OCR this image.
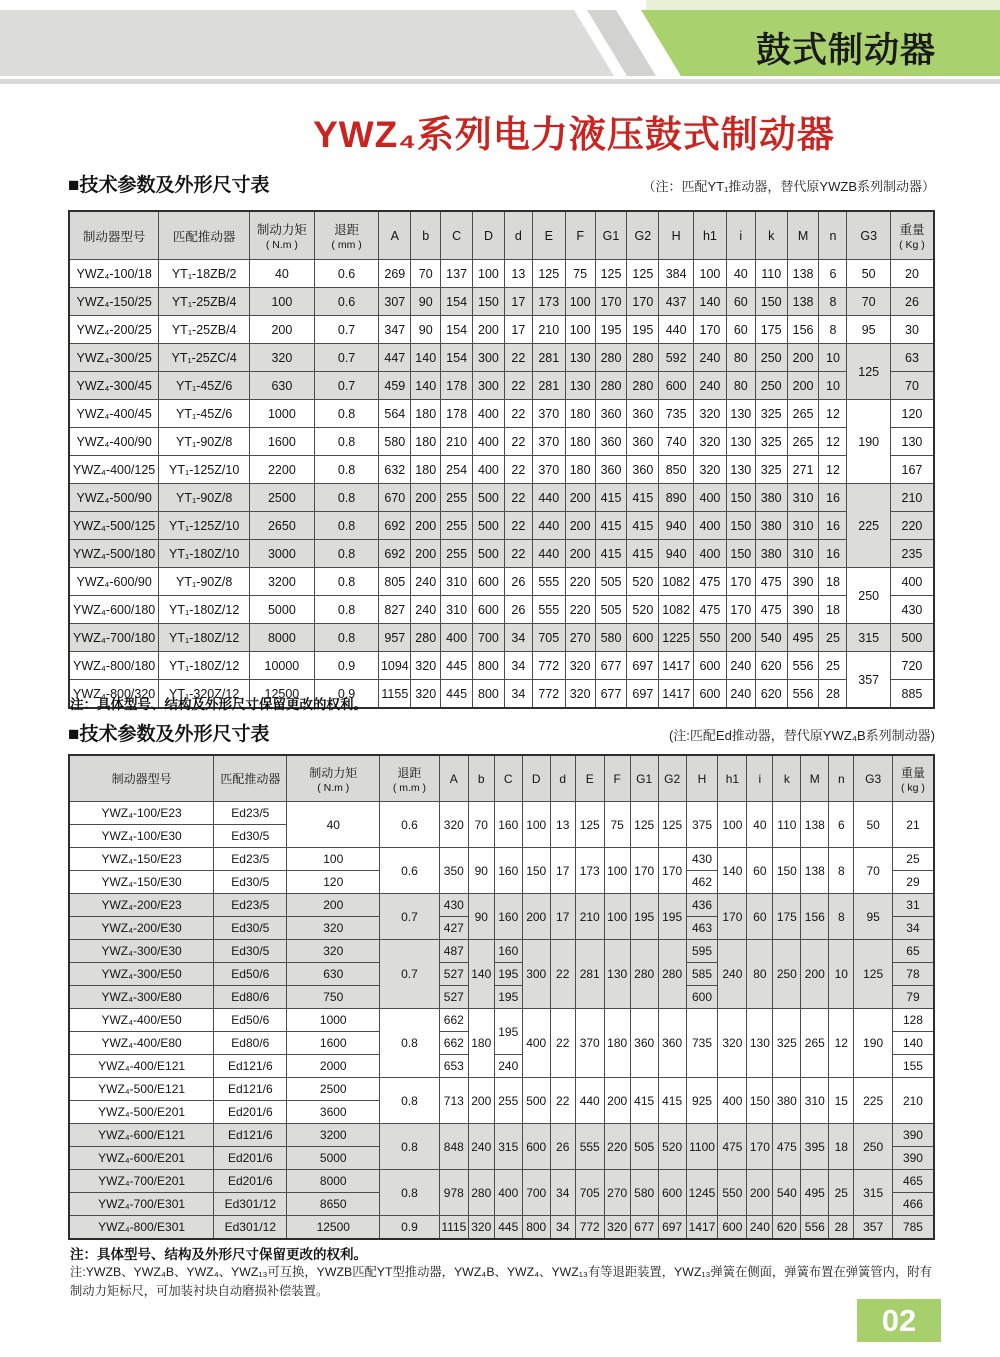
鼓式制动器
YWZ₄系列电力液压鼓式制动器
■技术参数及外形尺寸表	（注：匹配YT₁推动器，替代原YWZB系列制动器）
制动器型号	匹配推动器	制动力矩
( N.m )

退距
( mm )

A	b	C	D	d	E	F	G1	G2	H	h1	i	k	M	n	G3	重量
( Kg )

YWZ₄-100/18	YT₁-18ZB/2	40	0.6	269	70	137	100	13	125	75	125	125	384	100	40	110	138	6	50	20
YWZ₄-150/25	YT₁-25ZB/4	100	0.6	307	90	154	150	17	173	100	170	170	437	140	60	150	138	8	70	26
YWZ₄-200/25	YT₁-25ZB/4	200	0.7	347	90	154	200	17	210	100	195	195	440	170	60	175	156	8	95	30
YWZ₄-300/25	YT₁-25ZC/4	320	0.7	447	140	154	300	22	281	130	280	280	592	240	80	250	200	10	125	63
YWZ₄-300/45	YT₁-45Z/6	630	0.7	459	140	178	300	22	281	130	280	280	600	240	80	250	200	10		70
YWZ₄-400/45	YT₁-45Z/6	1000	0.8	564	180	178	400	22	370	180	360	360	735	320	130	325	265	12	190	120
YWZ₄-400/90	YT₁-90Z/8	1600	0.8	580	180	210	400	22	370	180	360	360	740	320	130	325	265	12		130
YWZ₄-400/125	YT₁-125Z/10	2200	0.8	632	180	254	400	22	370	180	360	360	850	320	130	325	271	12		167
YWZ₄-500/90	YT₁-90Z/8	2500	0.8	670	200	255	500	22	440	200	415	415	890	400	150	380	310	16	225	210
YWZ₄-500/125	YT₁-125Z/10	2650	0.8	692	200	255	500	22	440	200	415	415	940	400	150	380	310	16		220
YWZ₄-500/180	YT₁-180Z/10	3000	0.8	692	200	255	500	22	440	200	415	415	940	400	150	380	310	16		235
YWZ₄-600/90	YT₁-90Z/8	3200	0.8	805	240	310	600	26	555	220	505	520	1082	475	170	475	390	18	250	400
YWZ₄-600/180	YT₁-180Z/12	5000	0.8	827	240	310	600	26	555	220	505	520	1082	475	170	475	390	18		430
YWZ₄-700/180	YT₁-180Z/12	8000	0.8	957	280	400	700	34	705	270	580	600	1225	550	200	540	495	25	315	500
YWZ₄-800/180	YT₁-180Z/12	10000	0.9	1094	320	445	800	34	772	320	677	697	1417	600	240	620	556	25	357	720
YWZ₄-800/320	YT₁-320Z/12	12500	0.9	1155	320	445	800	34	772	320	677	697	1417	600	240	620	556	28		885
注：具体型号、结构及外形尺寸保留更改的权利。
■技术参数及外形尺寸表	(注:匹配Ed推动器，替代原YWZ₄B系列制动器)
制动器型号	匹配推动器	制动力矩
( N.m )

退距
( m.m )

A	b	C	D	d	E	F	G1	G2	H	h1	i	k	M	n	G3	重量
( kg )

YWZ₄-100/E23	Ed23/5	40	0.6	320	70	160	100	13	125	75	125	125	375	100	40	110	138	6	50	21
YWZ₄-100/E30	Ed30/5																			
YWZ₄-150/E23	Ed23/5	100	0.6	350	90	160	150	17	173	100	170	170	430	140	60	150	138	8	70	25
YWZ₄-150/E30	Ed30/5	120											462							29
YWZ₄-200/E23	Ed23/5	200	0.7	430	90	160	200	17	210	100	195	195	436	170	60	175	156	8	95	31
YWZ₄-200/E30	Ed30/5	320		427									463							34
YWZ₄-300/E30	Ed30/5	320	0.7	487	140	160	300	22	281	130	280	280	595	240	80	250	200	10	125	65
YWZ₄-300/E50	Ed50/6	630		527		195							585							78
YWZ₄-300/E80	Ed80/6	750		527		195							600							79
YWZ₄-400/E50	Ed50/6	1000	0.8	662	180	195	400	22	370	180	360	360	735	320	130	325	265	12	190	128
YWZ₄-400/E80	Ed80/6	1600		662																140
YWZ₄-400/E121	Ed121/6	2000		653		240														155
YWZ₄-500/E121	Ed121/6	2500	0.8	713	200	255	500	22	440	200	415	415	925	400	150	380	310	15	225	210
YWZ₄-500/E201	Ed201/6	3600																		
YWZ₄-600/E121	Ed121/6	3200	0.8	848	240	315	600	26	555	220	505	520	1100	475	170	475	395	18	250	390
YWZ₄-600/E201	Ed201/6	5000																		390
YWZ₄-700/E201	Ed201/6	8000	0.8	978	280	400	700	34	705	270	580	600	1245	550	200	540	495	25	315	465
YWZ₄-700/E301	Ed301/12	8650																		466
YWZ₄-800/E301	Ed301/12	12500	0.9	1115	320	445	800	34	772	320	677	697	1417	600	240	620	556	28	357	785
注：具体型号、结构及外形尺寸保留更改的权利。
注:YWZB、YWZ₄B、YWZ₄、YWZ₁₃可互换，YWZB匹配YT型推动器，YWZ₄B、YWZ₄、YWZ₁₃有等退距装置，YWZ₁₃弹簧在侧面，弹簧布置在弹簧管内，附有制动力矩标尺，可加装衬块自动磨损补偿装置。
02
